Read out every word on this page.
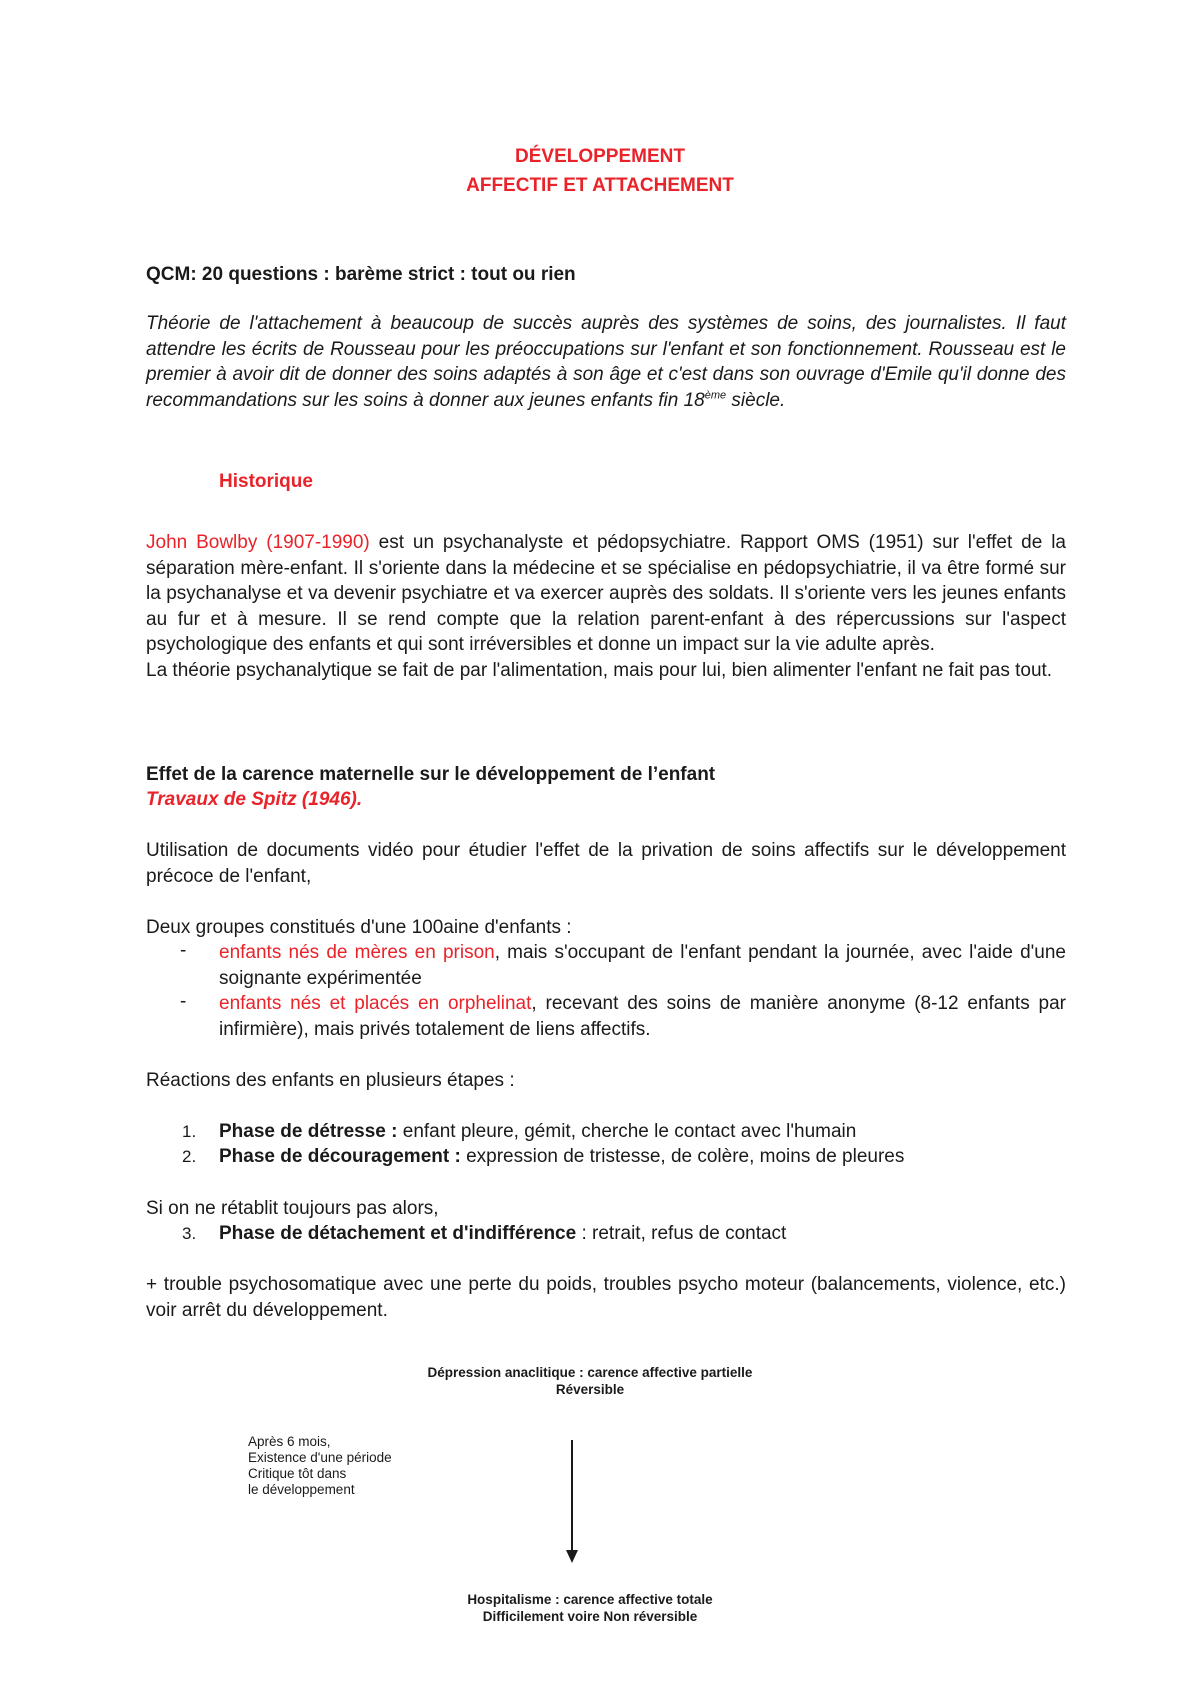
DÉVELOPPEMENT
AFFECTIF ET ATTACHEMENT
QCM: 20 questions : barème strict : tout ou rien
Théorie de l'attachement à beaucoup de succès auprès des systèmes de soins, des journalistes. Il faut attendre les écrits de Rousseau pour les préoccupations sur l'enfant et son fonctionnement. Rousseau est le premier à avoir dit de donner des soins adaptés à son âge et c'est dans son ouvrage d'Emile qu'il donne des recommandations sur les soins à donner aux jeunes enfants fin 18ème siècle.
Historique
John Bowlby (1907-1990) est un psychanalyste et pédopsychiatre. Rapport OMS (1951) sur l'effet de la séparation mère-enfant. Il s'oriente dans la médecine et se spécialise en pédopsychiatrie, il va être formé sur la psychanalyse et va devenir psychiatre et va exercer auprès des soldats. Il s'oriente vers les jeunes enfants au fur et à mesure. Il se rend compte que la relation parent-enfant à des répercussions sur l'aspect psychologique des enfants et qui sont irréversibles et donne un impact sur la vie adulte après.
La théorie psychanalytique se fait de par l'alimentation, mais pour lui, bien alimenter l'enfant ne fait pas tout.
Effet de la carence maternelle sur le développement de l’enfant
Travaux de Spitz (1946).
Utilisation de documents vidéo pour étudier l'effet de la privation de soins affectifs sur le développement précoce de l'enfant,
Deux groupes constitués d'une 100aine d'enfants :
- enfants nés de mères en prison, mais s'occupant de l'enfant pendant la journée, avec l'aide d'une soignante expérimentée
- enfants nés et placés en orphelinat, recevant des soins de manière anonyme (8-12 enfants par infirmière), mais privés totalement de liens affectifs.
Réactions des enfants en plusieurs étapes :
1. Phase de détresse : enfant pleure, gémit, cherche le contact avec l'humain
2. Phase de découragement : expression de tristesse, de colère, moins de pleures
Si on ne rétablit toujours pas alors,
3. Phase de détachement et d'indifférence : retrait, refus de contact
+ trouble psychosomatique avec une perte du poids, troubles psycho moteur (balancements, violence, etc.) voir arrêt du développement.
Dépression anaclitique : carence affective partielle
Réversible
Après 6 mois,
Existence d'une période
Critique tôt dans
le développement
Hospitalisme : carence affective totale
Difficilement voire Non réversible
